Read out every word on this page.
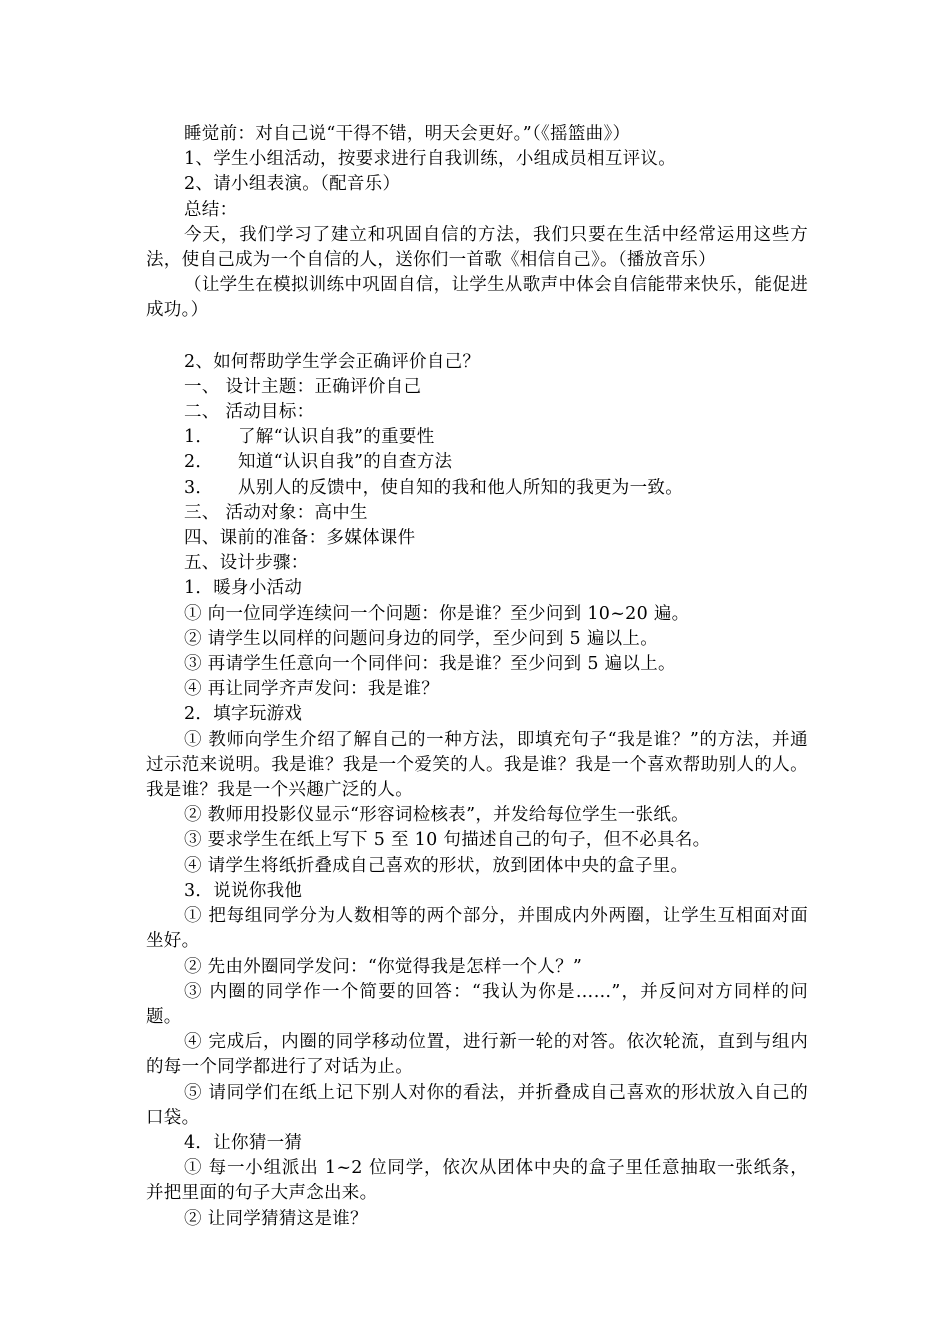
睡觉前：对自己说“干得不错，明天会更好。”（《摇篮曲》）

1、学生小组活动，按要求进行自我训练，小组成员相互评议。

2、请小组表演。（配音乐）

总结：

今天，我们学习了建立和巩固自信的方法，我们只要在生活中经常运用这些方法，使自己成为一个自信的人，送你们一首歌《相信自己》。（播放音乐）

（让学生在模拟训练中巩固自信，让学生从歌声中体会自信能带来快乐，能促进成功。）

2、如何帮助学生学会正确评价自己？

一、 设计主题：正确评价自己

二、 活动目标：

1．	了解“认识自我”的重要性
2．	知道“认识自我”的自查方法
3．	从别人的反馈中，使自知的我和他人所知的我更为一致。

三、 活动对象：高中生

四、课前的准备：多媒体课件

五、设计步骤：

1．暖身小活动

① 向一位同学连续问一个问题：你是谁？至少问到 10~20 遍。

② 请学生以同样的问题问身边的同学，至少问到 5 遍以上。

③ 再请学生任意向一个同伴问：我是谁？至少问到 5 遍以上。

④ 再让同学齐声发问：我是谁？

2．填字玩游戏

① 教师向学生介绍了解自己的一种方法，即填充句子“我是谁？”的方法，并通过示范来说明。我是谁？我是一个爱笑的人。我是谁？我是一个喜欢帮助别人的人。我是谁？我是一个兴趣广泛的人。

② 教师用投影仪显示“形容词检核表”，并发给每位学生一张纸。

③ 要求学生在纸上写下 5 至 10 句描述自己的句子，但不必具名。

④ 请学生将纸折叠成自己喜欢的形状，放到团体中央的盒子里。

3．说说你我他

① 把每组同学分为人数相等的两个部分，并围成内外两圈，让学生互相面对面坐好。

② 先由外圈同学发问：“你觉得我是怎样一个人？”

③ 内圈的同学作一个简要的回答：“我认为你是……”，并反问对方同样的问题。

④ 完成后，内圈的同学移动位置，进行新一轮的对答。依次轮流，直到与组内的每一个同学都进行了对话为止。

⑤ 请同学们在纸上记下别人对你的看法，并折叠成自己喜欢的形状放入自己的口袋。

4．让你猜一猜

① 每一小组派出 1~2 位同学，依次从团体中央的盒子里任意抽取一张纸条，并把里面的句子大声念出来。

② 让同学猜猜这是谁？
